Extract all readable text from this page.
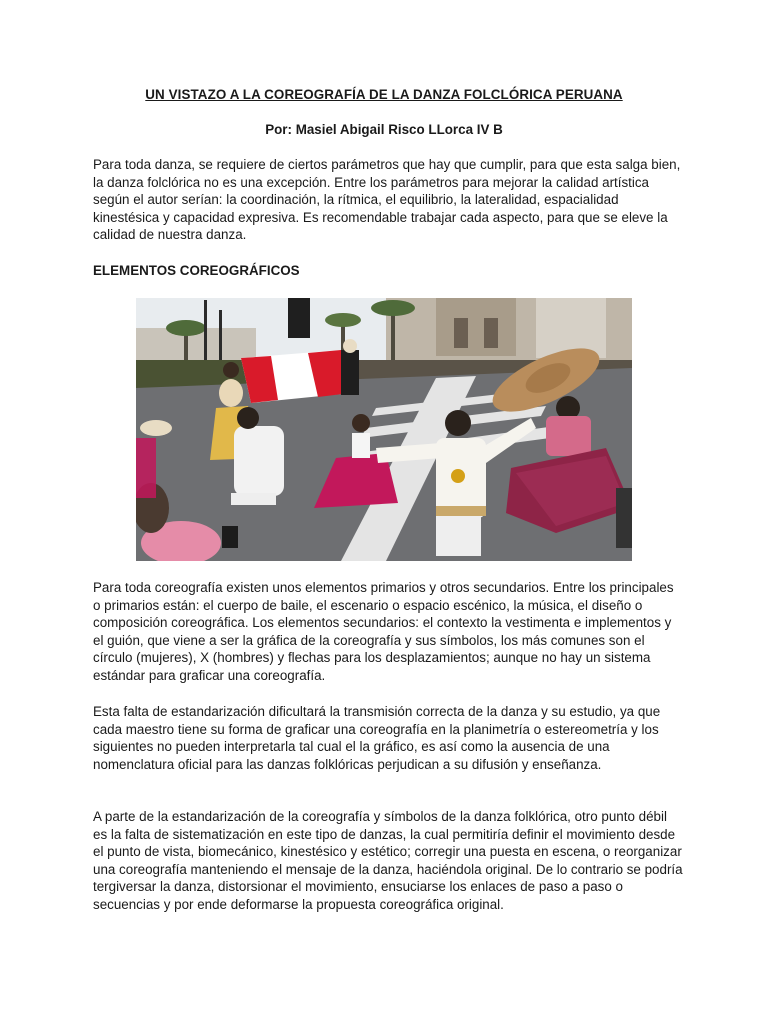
UN VISTAZO A LA COREOGRAFÍA DE LA DANZA FOLCLÓRICA PERUANA
Por: Masiel Abigail Risco LLorca IV B

Para toda danza, se requiere de ciertos parámetros que hay que cumplir, para que esta salga bien, la danza folclórica no es una excepción. Entre los parámetros para mejorar la calidad artística según el autor serían: la coordinación, la rítmica, el equilibrio, la lateralidad, espacialidad kinestésica y capacidad expresiva. Es recomendable trabajar cada aspecto, para que se eleve la calidad de nuestra danza.

ELEMENTOS COREOGRÁFICOS

Para toda coreografía existen unos elementos primarios y otros secundarios. Entre los principales o primarios están: el cuerpo de baile, el escenario o espacio escénico, la música, el diseño o composición coreográfica. Los elementos secundarios: el contexto la vestimenta e implementos y el guión, que viene a ser la gráfica de la coreografía y sus símbolos, los más comunes son el círculo (mujeres), X (hombres) y flechas para los desplazamientos; aunque no hay un sistema estándar para graficar una coreografía.

Esta falta de estandarización dificultará la transmisión correcta de la danza y su estudio, ya que cada maestro tiene su forma de graficar una coreografía en la planimetría o estereometría y los siguientes no pueden interpretarla tal cual el la gráfico, es así como la ausencia de una nomenclatura oficial para las danzas folklóricas perjudican a su difusión y enseñanza.

A parte de la estandarización de la coreografía y símbolos de la danza folklórica, otro punto débil es la falta de sistematización en este tipo de danzas, la cual permitiría definir el movimiento desde el punto de vista, biomecánico, kinestésico y estético; corregir una puesta en escena, o reorganizar una coreografía manteniendo el mensaje de la danza, haciéndola original. De lo contrario se podría tergiversar la danza, distorsionar el movimiento, ensuciarse los enlaces de paso a paso o secuencias y por ende deformarse la propuesta coreográfica original.
